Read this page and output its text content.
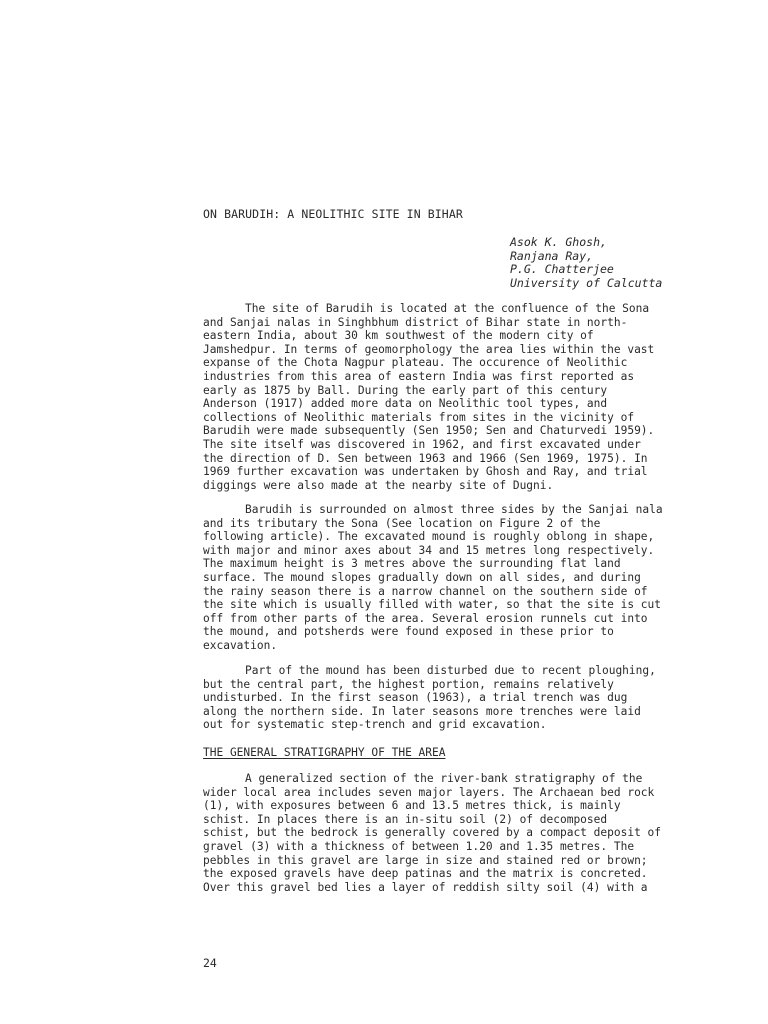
ON BARUDIH: A NEOLITHIC SITE IN BIHAR
Asok K. Ghosh,
Ranjana Ray,
P.G. Chatterjee
University of Calcutta
The site of Barudih is located at the confluence of the Sona
and Sanjai nalas in Singhbhum district of Bihar state in north-
eastern India, about 30 km southwest of the modern city of
Jamshedpur. In terms of geomorphology the area lies within the vast
expanse of the Chota Nagpur plateau. The occurence of Neolithic
industries from this area of eastern India was first reported as
early as 1875 by Ball. During the early part of this century
Anderson (1917) added more data on Neolithic tool types, and
collections of Neolithic materials from sites in the vicinity of
Barudih were made subsequently (Sen 1950; Sen and Chaturvedi 1959).
The site itself was discovered in 1962, and first excavated under
the direction of D. Sen between 1963 and 1966 (Sen 1969, 1975). In
1969 further excavation was undertaken by Ghosh and Ray, and trial
diggings were also made at the nearby site of Dugni.
Barudih is surrounded on almost three sides by the Sanjai nala
and its tributary the Sona (See location on Figure 2 of the
following article). The excavated mound is roughly oblong in shape,
with major and minor axes about 34 and 15 metres long respectively.
The maximum height is 3 metres above the surrounding flat land
surface. The mound slopes gradually down on all sides, and during
the rainy season there is a narrow channel on the southern side of
the site which is usually filled with water, so that the site is cut
off from other parts of the area. Several erosion runnels cut into
the mound, and potsherds were found exposed in these prior to
excavation.
Part of the mound has been disturbed due to recent ploughing,
but the central part, the highest portion, remains relatively
undisturbed. In the first season (1963), a trial trench was dug
along the northern side. In later seasons more trenches were laid
out for systematic step-trench and grid excavation.
THE GENERAL STRATIGRAPHY OF THE AREA
A generalized section of the river-bank stratigraphy of the
wider local area includes seven major layers. The Archaean bed rock
(1), with exposures between 6 and 13.5 metres thick, is mainly
schist. In places there is an in-situ soil (2) of decomposed
schist, but the bedrock is generally covered by a compact deposit of
gravel (3) with a thickness of between 1.20 and 1.35 metres. The
pebbles in this gravel are large in size and stained red or brown;
the exposed gravels have deep patinas and the matrix is concreted.
Over this gravel bed lies a layer of reddish silty soil (4) with a
24
